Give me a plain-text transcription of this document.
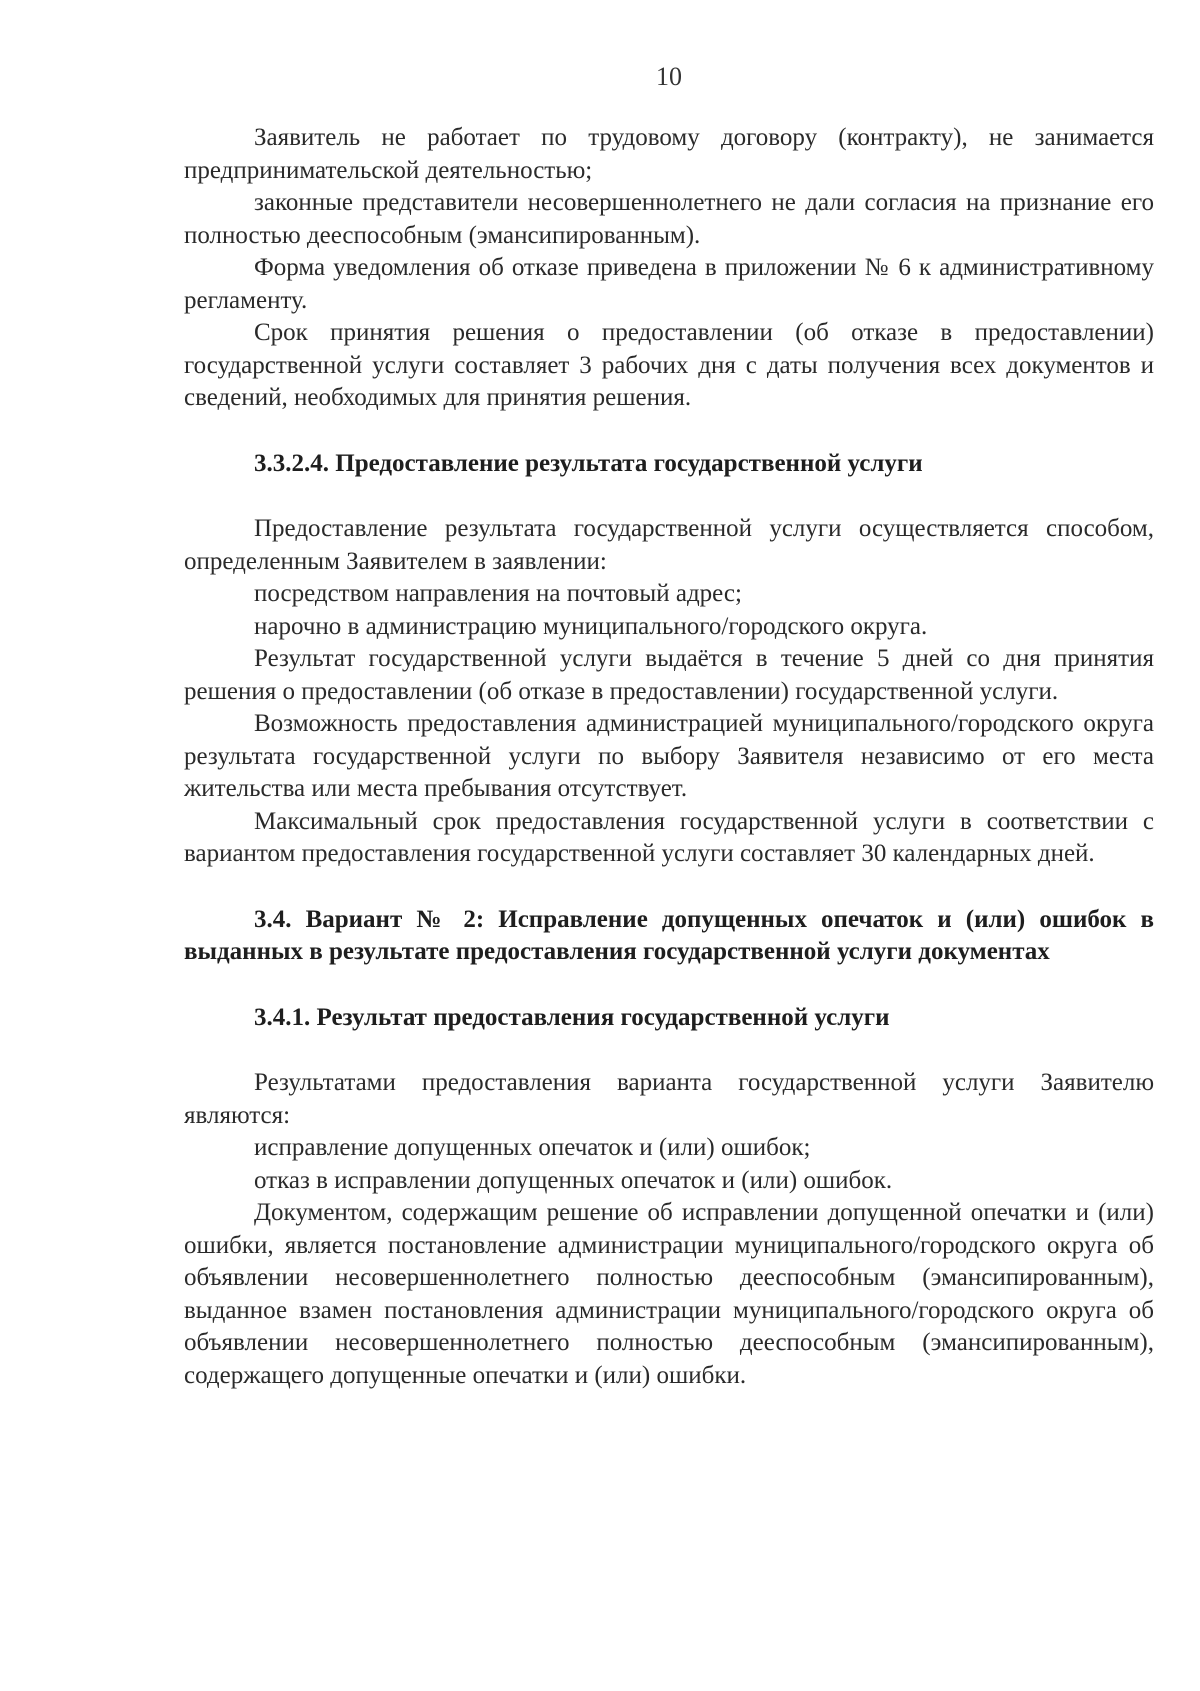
10

Заявитель не работает по трудовому договору (контракту), не занимается предпринимательской деятельностью;

законные представители несовершеннолетнего не дали согласия на признание его полностью дееспособным (эмансипированным).

Форма уведомления об отказе приведена в приложении № 6 к административному регламенту.

Срок принятия решения о предоставлении (об отказе в предоставлении) государственной услуги составляет 3 рабочих дня с даты получения всех документов и сведений, необходимых для принятия решения.

3.3.2.4. Предоставление результата государственной услуги

Предоставление результата государственной услуги осуществляется способом, определенным Заявителем в заявлении:

посредством направления на почтовый адрес;

нарочно в администрацию муниципального/городского округа.

Результат государственной услуги выдаётся в течение 5 дней со дня принятия решения о предоставлении (об отказе в предоставлении) государственной услуги.

Возможность предоставления администрацией муниципального/городского округа результата государственной услуги по выбору Заявителя независимо от его места жительства или места пребывания отсутствует.

Максимальный срок предоставления государственной услуги в соответствии с вариантом предоставления государственной услуги составляет 30 календарных дней.

3.4. Вариант № 2: Исправление допущенных опечаток и (или) ошибок в выданных в результате предоставления государственной услуги документах
3.4.1. Результат предоставления государственной услуги

Результатами предоставления варианта государственной услуги Заявителю являются:

исправление допущенных опечаток и (или) ошибок;

отказ в исправлении допущенных опечаток и (или) ошибок.

Документом, содержащим решение об исправлении допущенной опечатки и (или) ошибки, является постановление администрации муниципального/городского округа об объявлении несовершеннолетнего полностью дееспособным (эмансипированным), выданное взамен постановления администрации муниципального/городского округа об объявлении несовершеннолетнего полностью дееспособным (эмансипированным), содержащего допущенные опечатки и (или) ошибки.
